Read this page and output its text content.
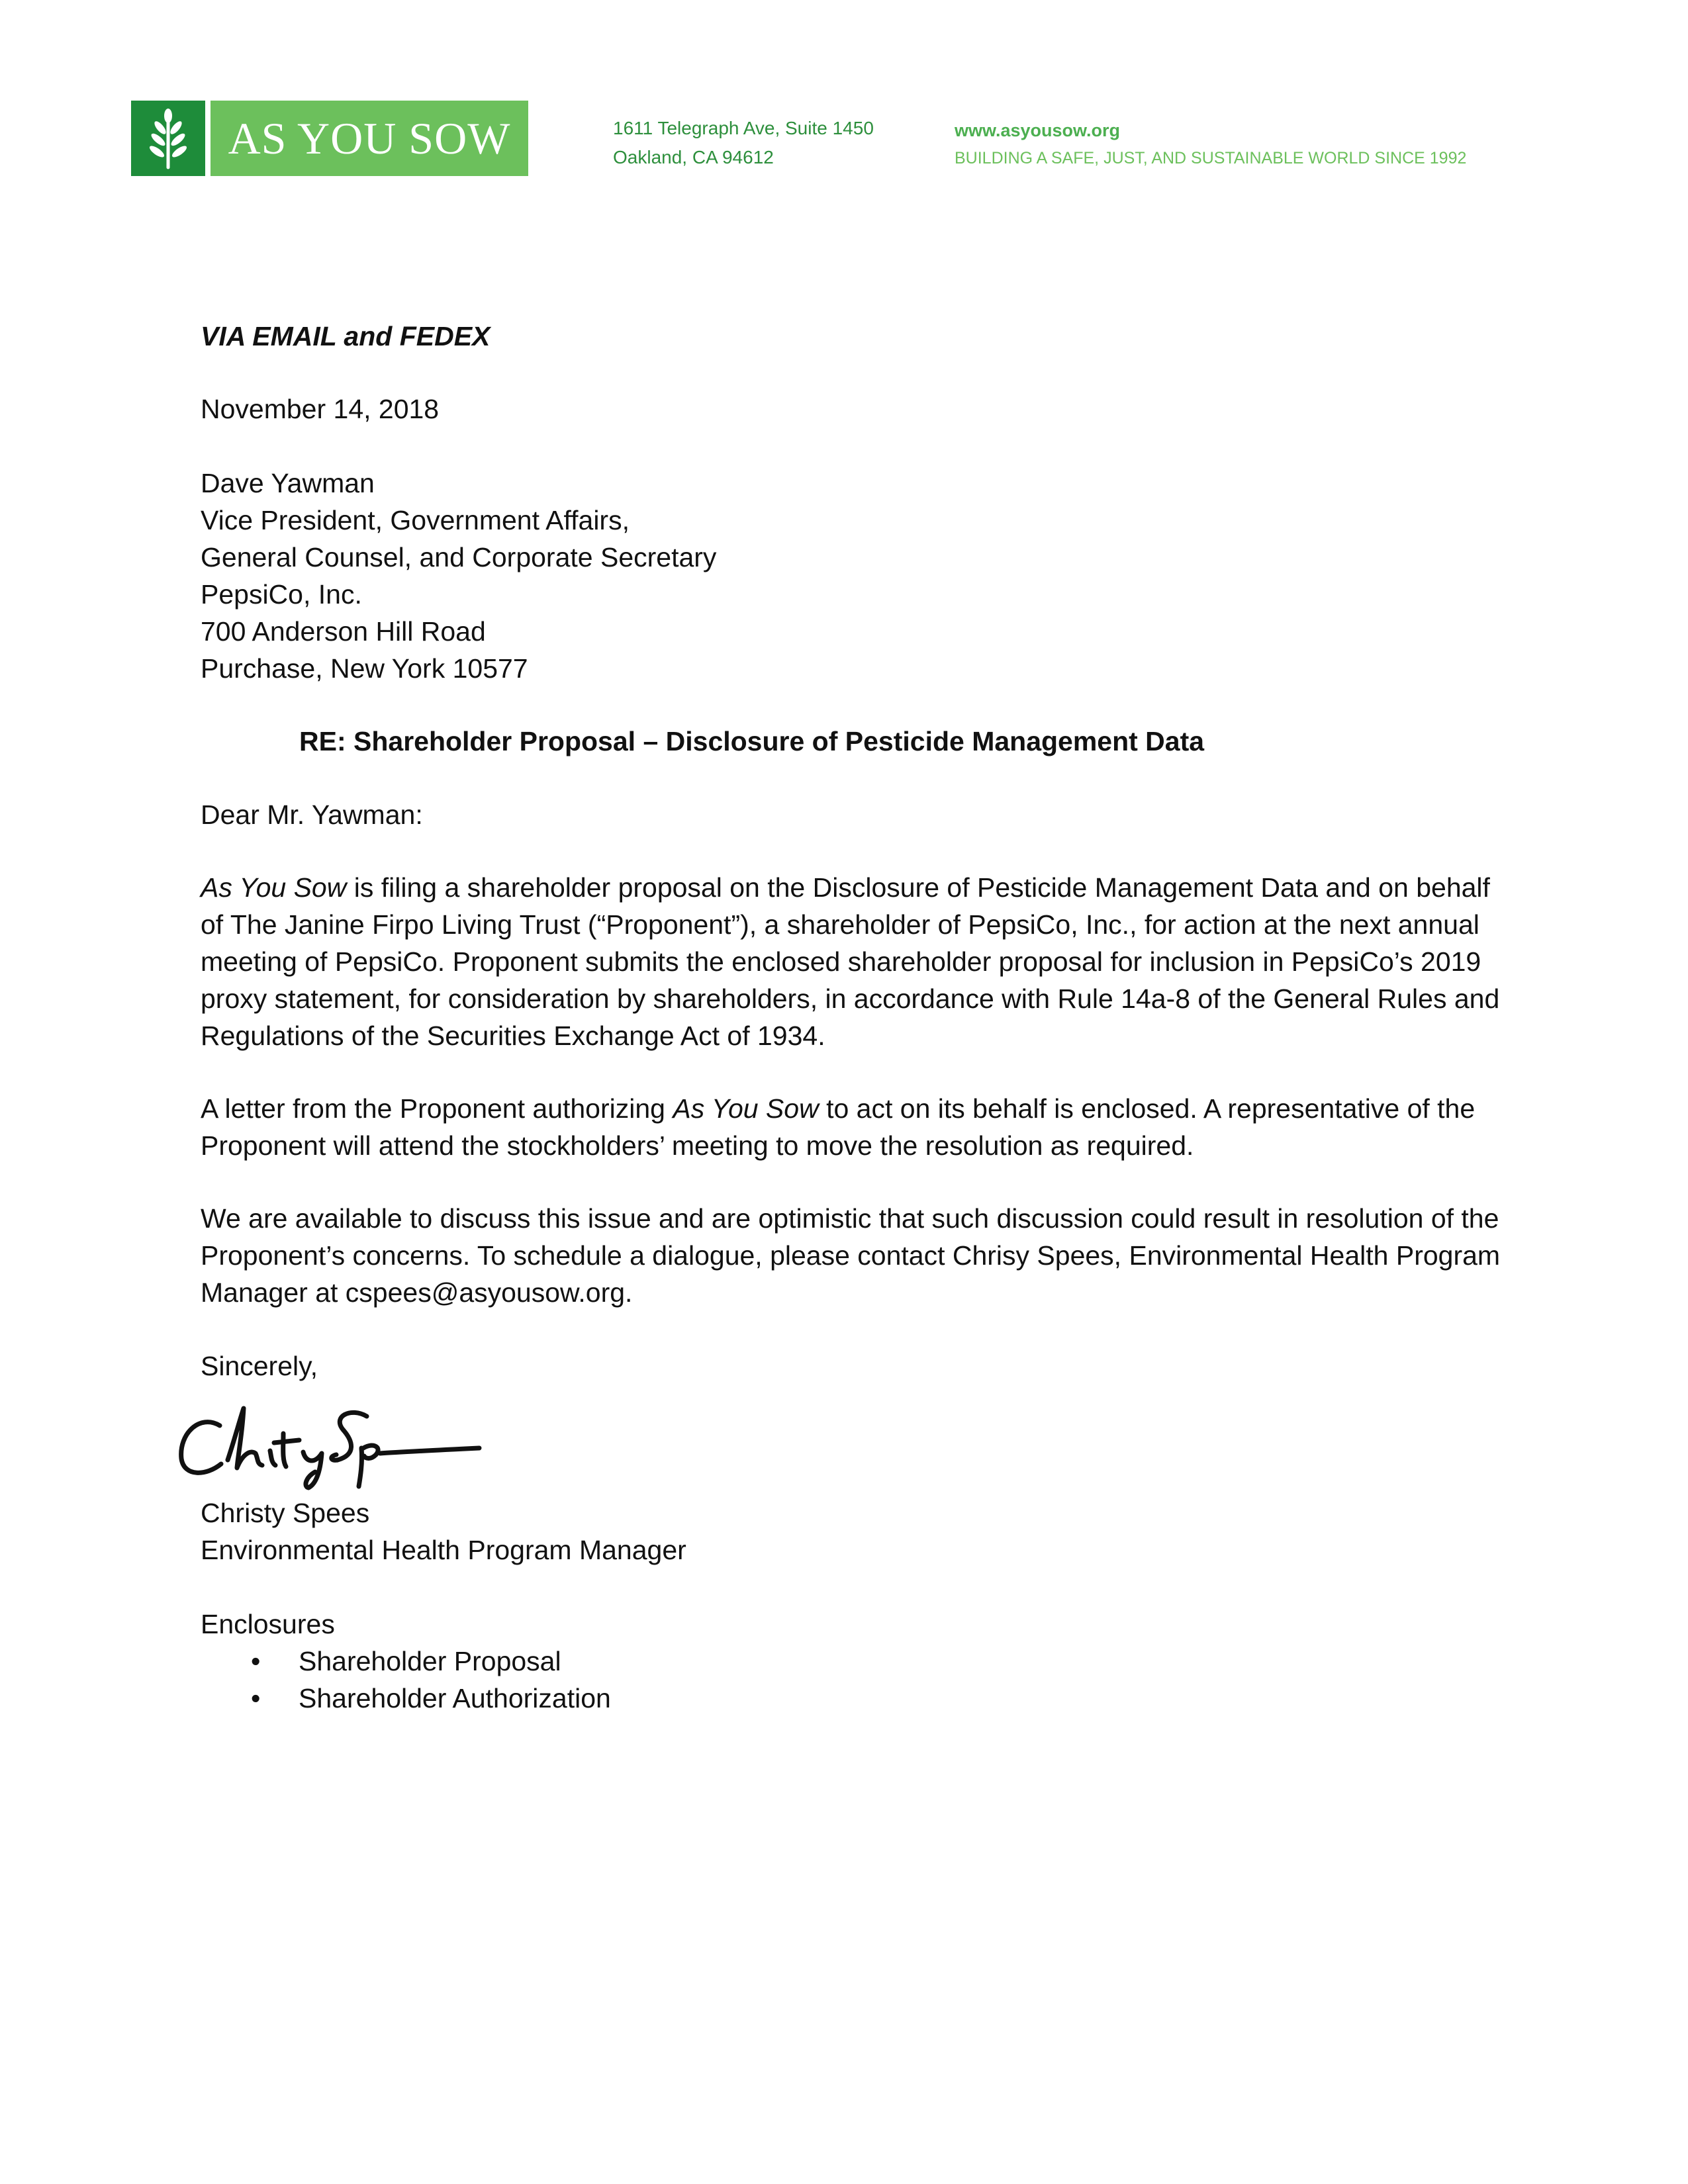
AS YOU SOW	1611 Telegraph Ave, Suite 1450
Oakland, CA 94612
www.asyousow.org
BUILDING A SAFE, JUST, AND SUSTAINABLE WORLD SINCE 1992
VIA EMAIL and FEDEX
November 14, 2018
Dave Yawman
Vice President, Government Affairs,
General Counsel, and Corporate Secretary
PepsiCo, Inc.
700 Anderson Hill Road
Purchase, New York 10577
RE: Shareholder Proposal – Disclosure of Pesticide Management Data
Dear Mr. Yawman:
As You Sow is filing a shareholder proposal on the Disclosure of Pesticide Management Data and on behalf of The Janine Firpo Living Trust (“Proponent”), a shareholder of PepsiCo, Inc., for action at the next annual meeting of PepsiCo. Proponent submits the enclosed shareholder proposal for inclusion in PepsiCo’s 2019 proxy statement, for consideration by shareholders, in accordance with Rule 14a-8 of the General Rules and Regulations of the Securities Exchange Act of 1934.
A letter from the Proponent authorizing As You Sow to act on its behalf is enclosed. A representative of the Proponent will attend the stockholders’ meeting to move the resolution as required.
We are available to discuss this issue and are optimistic that such discussion could result in resolution of the Proponent’s concerns. To schedule a dialogue, please contact Chrisy Spees, Environmental Health Program Manager at cspees@asyousow.org.
Sincerely,
Christy Spees
Environmental Health Program Manager
Enclosures
• Shareholder Proposal
• Shareholder Authorization
